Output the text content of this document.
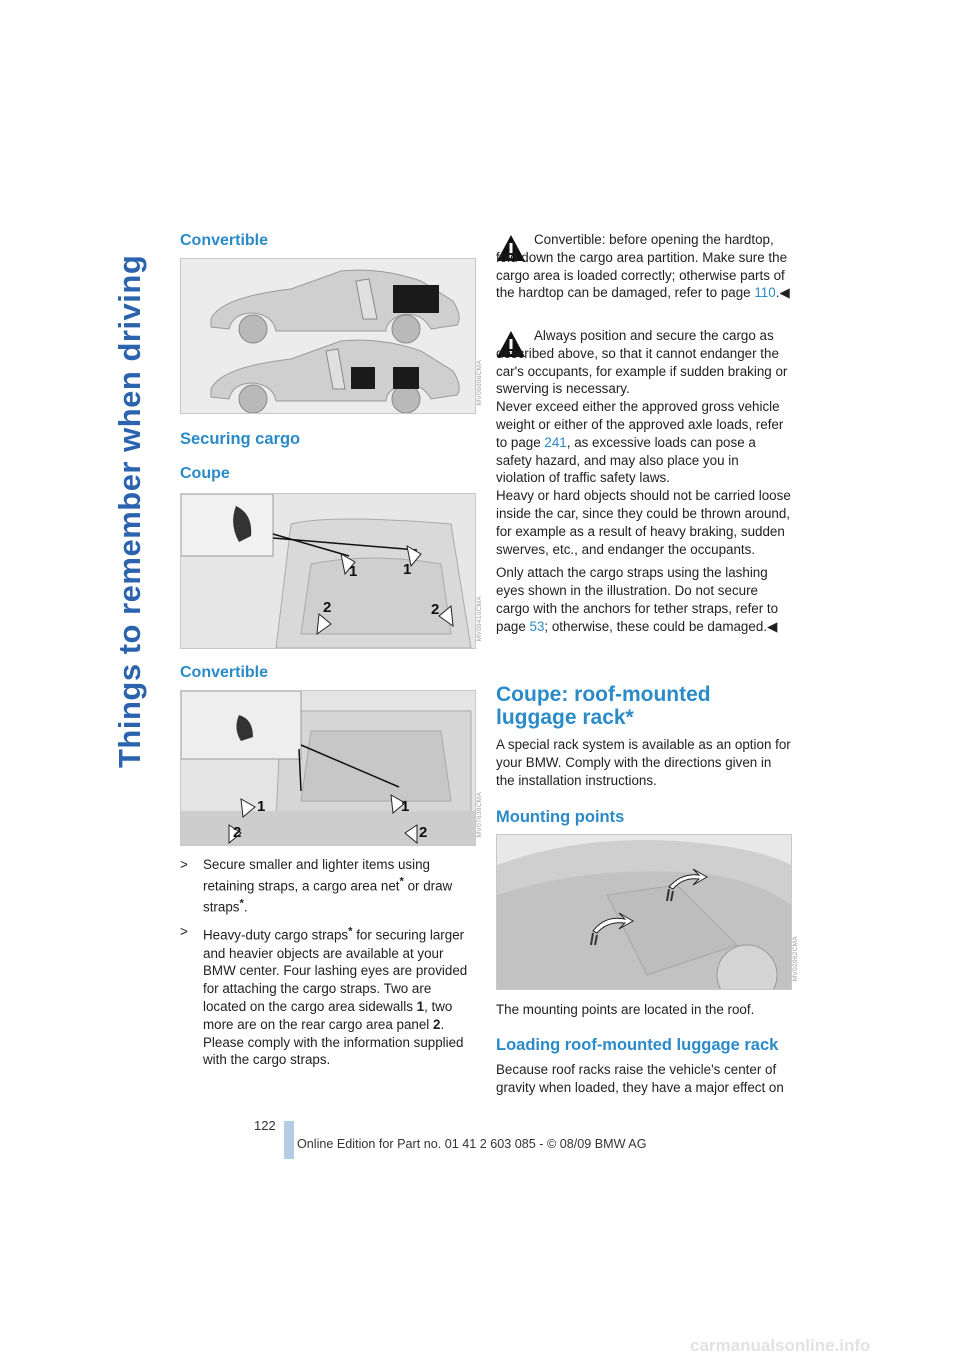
Things to remember when driving
Convertible
MV06006CMA
Securing cargo
Coupe
1	1
2	2	MV09410CMA
Convertible
1	1
2	2	MV07630CMA
> Secure smaller and lighter items using retaining straps, a cargo area net* or draw straps*.
> Heavy-duty cargo straps* for securing larger and heavier objects are available at your BMW center. Four lashing eyes are provided for attaching the cargo straps. Two are located on the cargo area sidewalls 1, two more are on the rear cargo area panel 2.
Please comply with the information supplied with the cargo straps.

Convertible: before opening the hardtop, fold down the cargo area partition. Make sure the cargo area is loaded correctly; otherwise parts of the hardtop can be damaged, refer to page 110.◀

Always position and secure the cargo as described above, so that it cannot endanger the car's occupants, for example if sudden braking or swerving is necessary.

Never exceed either the approved gross vehicle weight or either of the approved axle loads, refer to page 241, as excessive loads can pose a safety hazard, and may also place you in violation of traffic safety laws.

Heavy or hard objects should not be carried loose inside the car, since they could be thrown around, for example as a result of heavy braking, sudden swerves, etc., and endanger the occupants.

Only attach the cargo straps using the lashing eyes shown in the illustration. Do not secure cargo with the anchors for tether straps, refer to page 53; otherwise, these could be damaged.◀

Coupe: roof-mounted luggage rack*

A special rack system is available as an option for your BMW. Comply with the directions given in the installation instructions.

Mounting points
MV02062CMA

The mounting points are located in the roof.

Loading roof-mounted luggage rack

Because roof racks raise the vehicle's center of gravity when loaded, they have a major effect on

122
Online Edition for Part no. 01 41 2 603 085 - © 08/09 BMW AG
carmanualsonline.info
